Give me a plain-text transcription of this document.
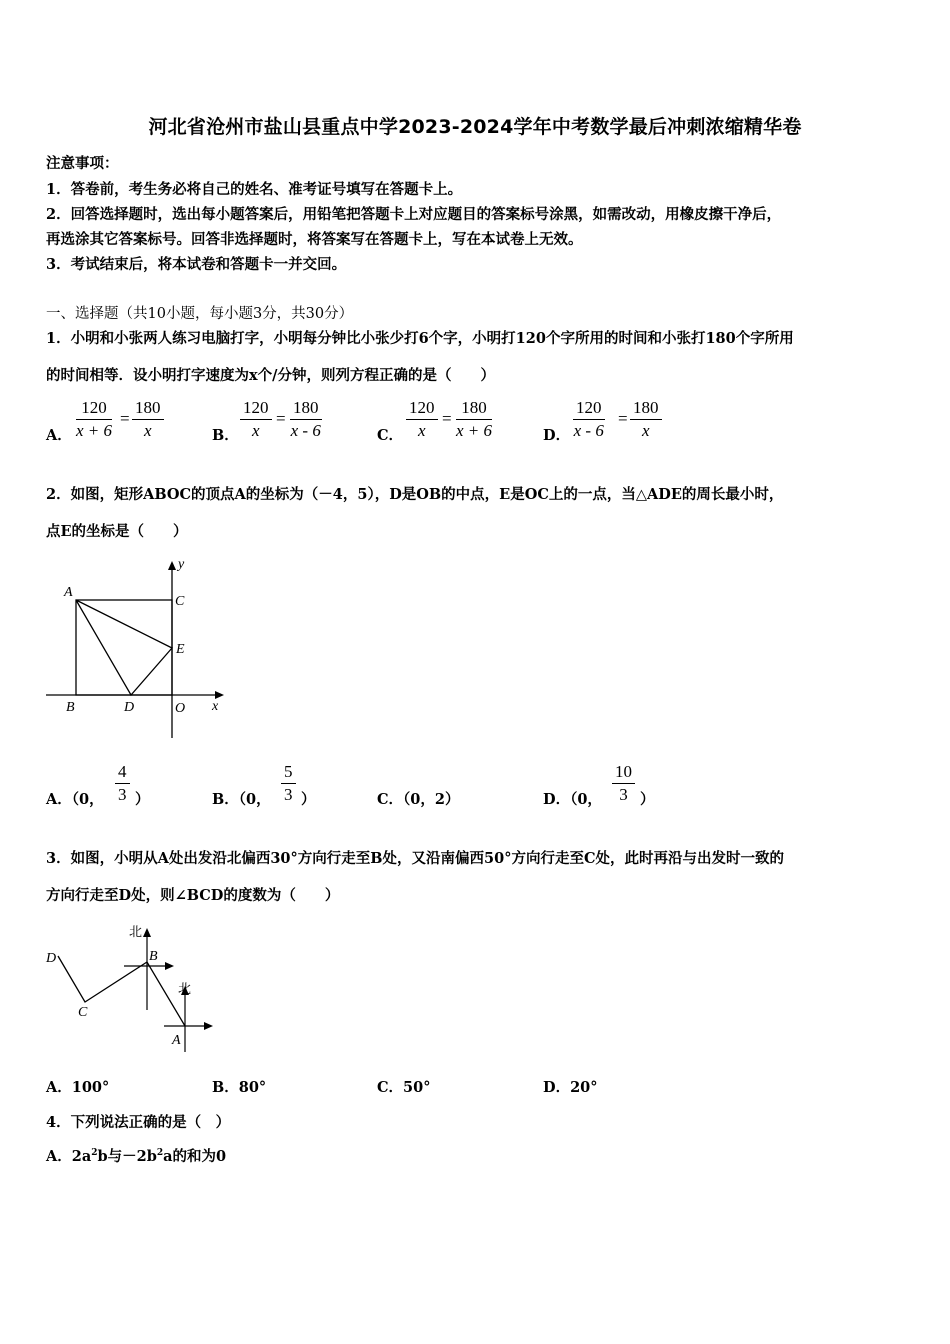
河北省沧州市盐山县重点中学2023-2024学年中考数学最后冲刺浓缩精华卷
注意事项：
1．答卷前，考生务必将自己的姓名、准考证号填写在答题卡上。
2．回答选择题时，选出每小题答案后，用铅笔把答题卡上对应题目的答案标号涂黑，如需改动，用橡皮擦干净后，
再选涂其它答案标号。回答非选择题时，将答案写在答题卡上，写在本试卷上无效。
3．考试结束后，将本试卷和答题卡一并交回。
一、选择题（共10小题，每小题3分，共30分）
1．小明和小张两人练习电脑打字，小明每分钟比小张少打6个字，小明打120个字所用的时间和小张打180个字所用
的时间相等．设小明打字速度为x个/分钟，则列方程正确的是（　　）
A． $\frac{120}{x + 6} = \frac{180}{x}$	B． $\frac{120}{x} = \frac{180}{x - 6}$	C． $\frac{120}{x} = \frac{180}{x + 6}$	D． $\frac{120}{x - 6} = \frac{180}{x}$
2．如图，矩形ABOC的顶点A的坐标为（－4，5），D是OB的中点，E是OC上的一点，当△ADE的周长最小时，
点E的坐标是（　　）
A
C
E
B	D	O x
y
A．（0， $\frac{4}{3}$ ）	B．（0， $\frac{5}{3}$ ）	C．（0，2）	D．（0， $\frac{10}{3}$ ）
3．如图，小明从A处出发沿北偏西30°方向行走至B处，又沿南偏西50°方向行走至C处，此时再沿与出发时一致的
方向行走至D处，则∠BCD的度数为（　　）
北
北
B
C
D
A
A．100°	B．80°	C．50°	D．20°
4．下列说法正确的是（　）
A．$2a^2b$与$-2b^2a$的和为0
